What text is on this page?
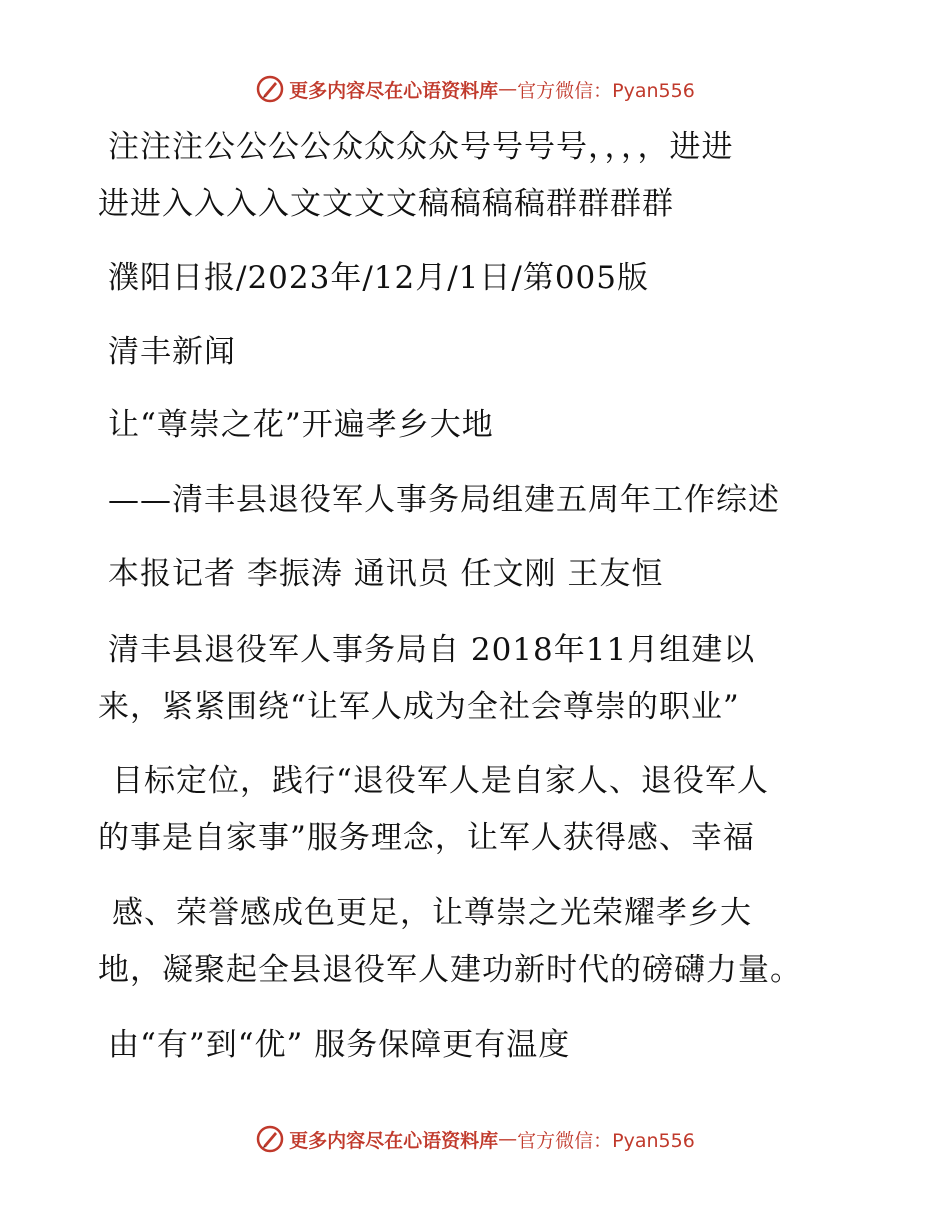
更多内容尽在心语资料库 — 官方微信：Pyan556
注注注公公公公众众众众号号号号，，，，进进
进进入入入入文文文文稿稿稿稿群群群群
濮阳日报/2023年/12月/1日/第005版
清丰新闻
让“尊崇之花”开遍孝乡大地
——清丰县退役军人事务局组建五周年工作综述
本报记者 李振涛 通讯员 任文刚 王友恒
清丰县退役军人事务局自 2018年11月组建以
来，紧紧围绕“让军人成为全社会尊崇的职业”
目标定位，践行“退役军人是自家人、退役军人
的事是自家事”服务理念，让军人获得感、幸福
感、荣誉感成色更足，让尊崇之光荣耀孝乡大
地，凝聚起全县退役军人建功新时代的磅礴力量。
由“有”到“优” 服务保障更有温度
更多内容尽在心语资料库 — 官方微信：Pyan556
